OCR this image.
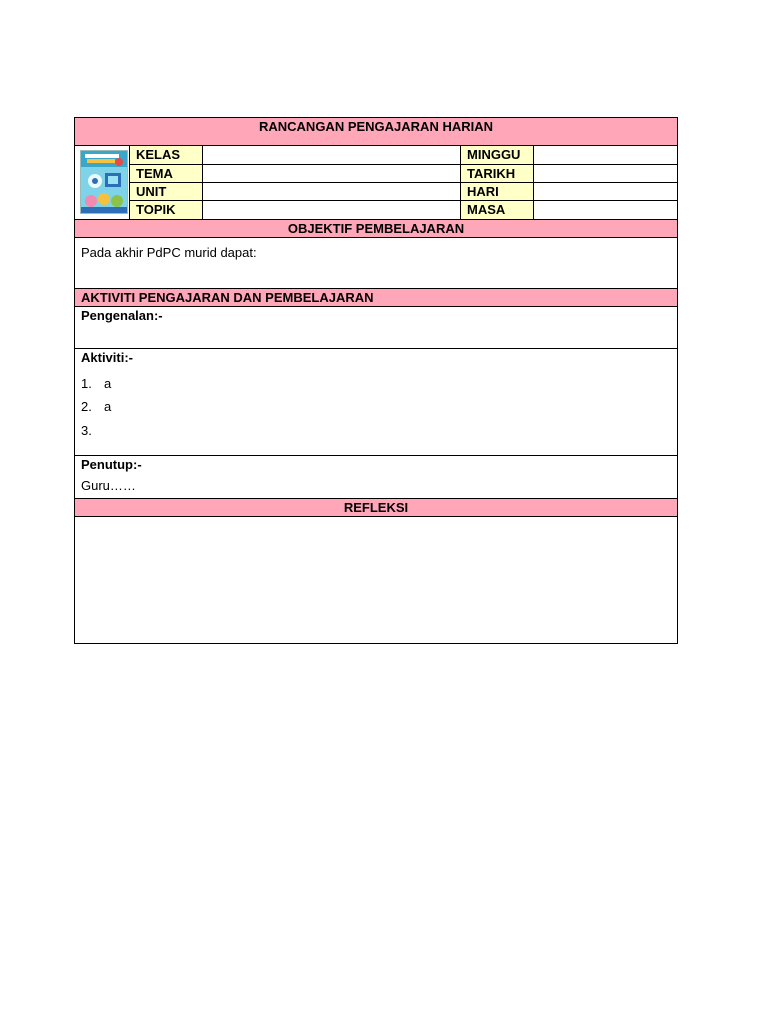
RANCANGAN PENGAJARAN HARIAN
KELAS
TEMA
UNIT
TOPIK
MINGGU
TARIKH
HARI
MASA
OBJEKTIF PEMBELAJARAN
Pada akhir PdPC murid dapat:
AKTIVITI PENGAJARAN DAN PEMBELAJARAN
Pengenalan:-
Aktiviti:-
1. a
2. a
3.
Penutup:-
Guru……
REFLEKSI
